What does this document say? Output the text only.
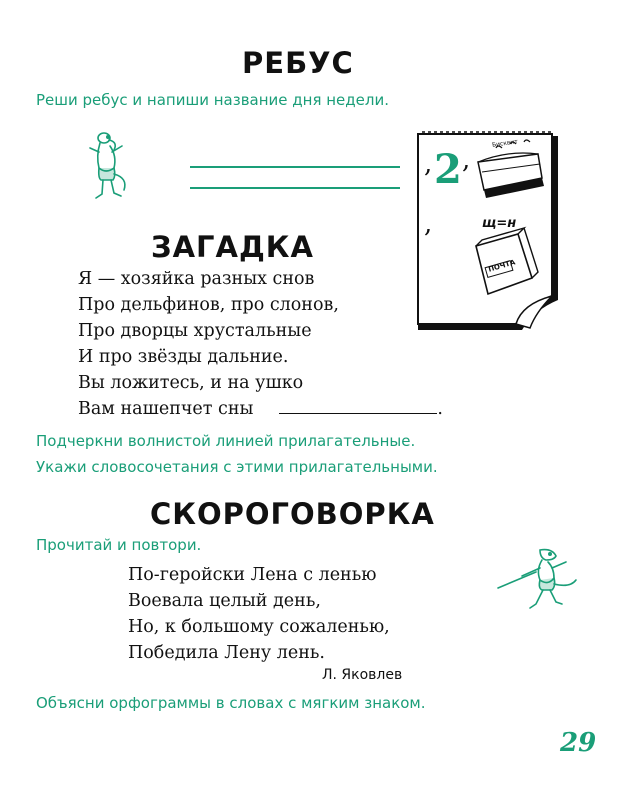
РЕБУС
Реши ребус и напиши название дня недели.
, ,
,
2
щ=н
Бисквит
ПОЧТА
ЗАГАДКА
Я — хозяйка разных снов
Про дельфинов, про слонов,
Про дворцы хрустальные
И про звёзды дальние.
Вы ложитесь, и на ушко
Вам нашепчет сны	.
Подчеркни волнистой линией прилагательные.
Укажи словосочетания с этими прилагательными.
СКОРОГОВОРКА
Прочитай и повтори.
По-геройски Лена с ленью
Воевала целый день,
Но, к большому сожаленью,
Победила Лену лень.
Л. Яковлев
Объясни орфограммы в словах с мягким знаком.
29
